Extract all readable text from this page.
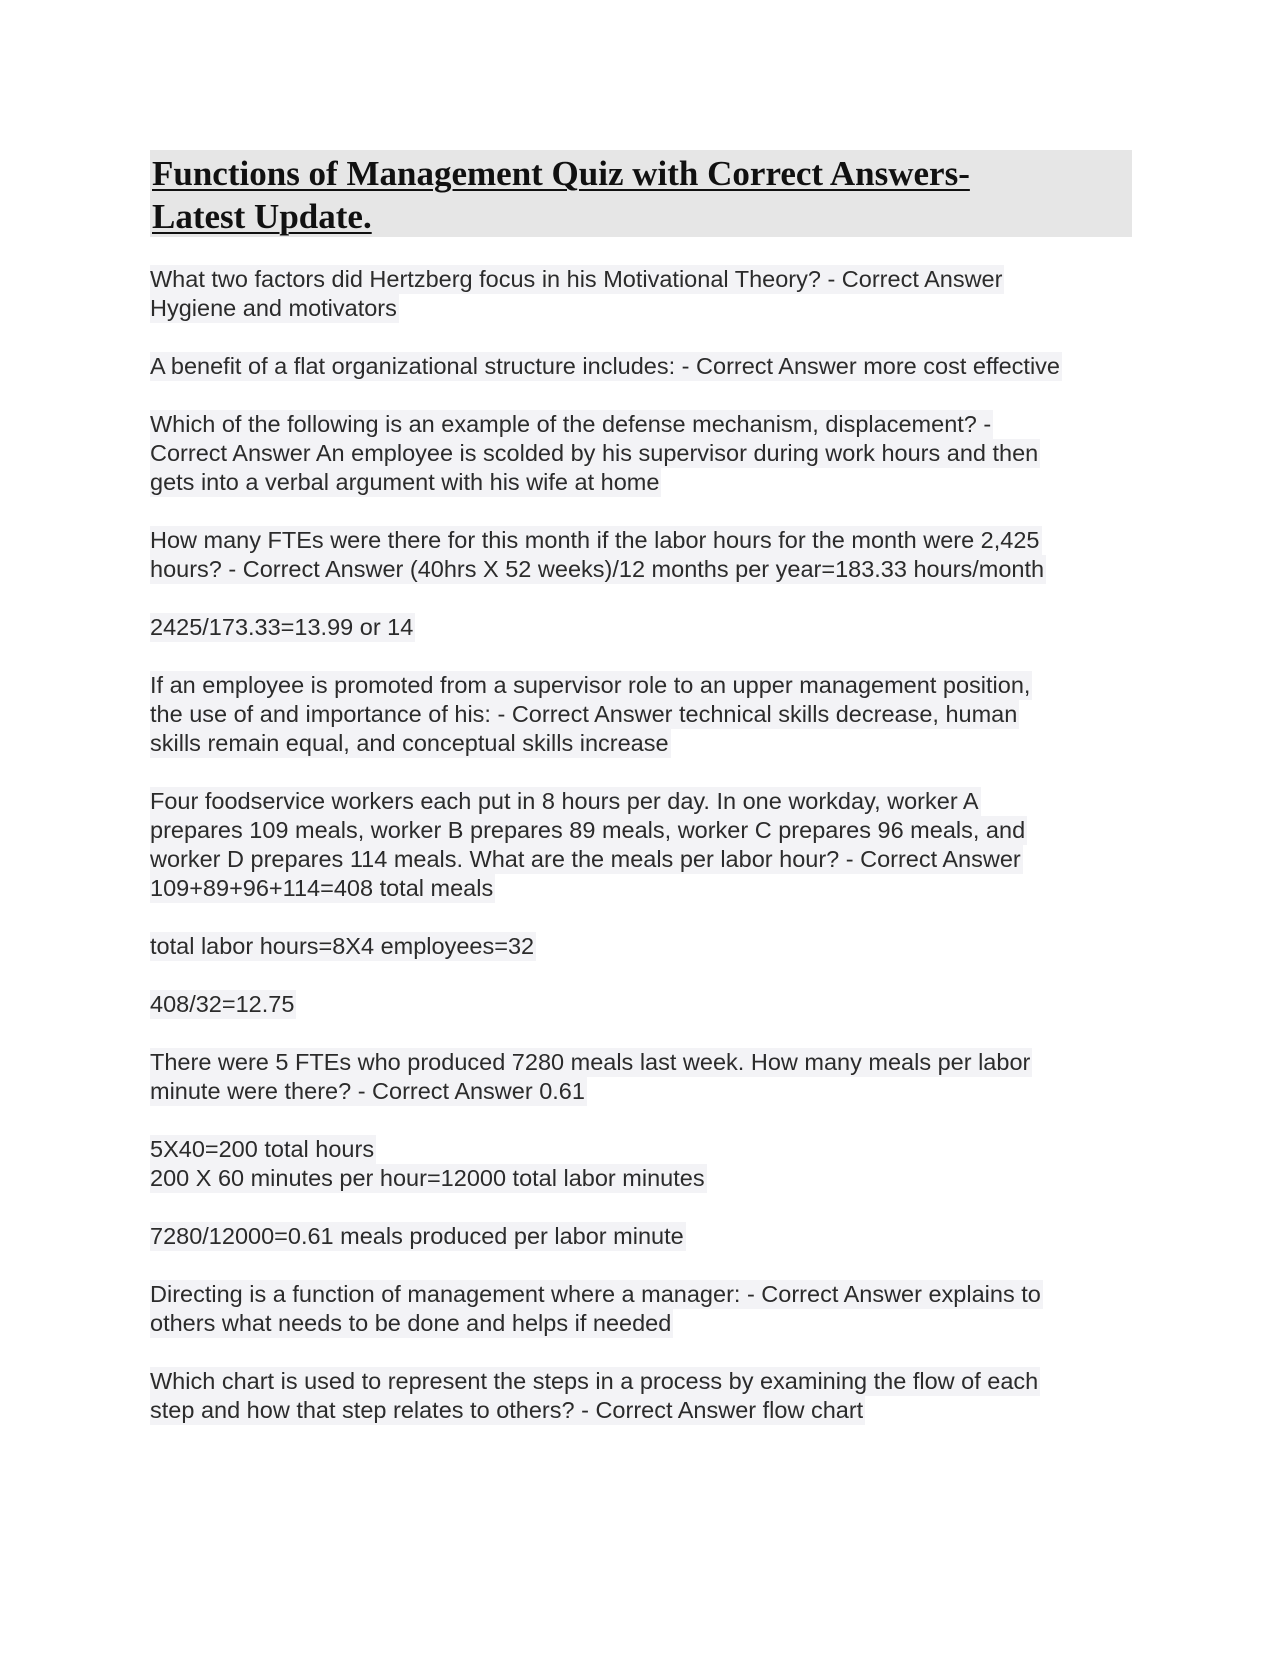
Functions of Management Quiz with Correct Answers-
Latest Update.
What two factors did Hertzberg focus in his Motivational Theory? - Correct Answer
Hygiene and motivators
A benefit of a flat organizational structure includes: - Correct Answer more cost effective
Which of the following is an example of the defense mechanism, displacement? -
Correct Answer An employee is scolded by his supervisor during work hours and then
gets into a verbal argument with his wife at home
How many FTEs were there for this month if the labor hours for the month were 2,425
hours? - Correct Answer (40hrs X 52 weeks)/12 months per year=183.33 hours/month
2425/173.33=13.99 or 14
If an employee is promoted from a supervisor role to an upper management position,
the use of and importance of his: - Correct Answer technical skills decrease, human
skills remain equal, and conceptual skills increase
Four foodservice workers each put in 8 hours per day. In one workday, worker A
prepares 109 meals, worker B prepares 89 meals, worker C prepares 96 meals, and
worker D prepares 114 meals. What are the meals per labor hour? - Correct Answer
109+89+96+114=408 total meals
total labor hours=8X4 employees=32
408/32=12.75
There were 5 FTEs who produced 7280 meals last week. How many meals per labor
minute were there? - Correct Answer 0.61
5X40=200 total hours
200 X 60 minutes per hour=12000 total labor minutes
7280/12000=0.61 meals produced per labor minute
Directing is a function of management where a manager: - Correct Answer explains to
others what needs to be done and helps if needed
Which chart is used to represent the steps in a process by examining the flow of each
step and how that step relates to others? - Correct Answer flow chart
